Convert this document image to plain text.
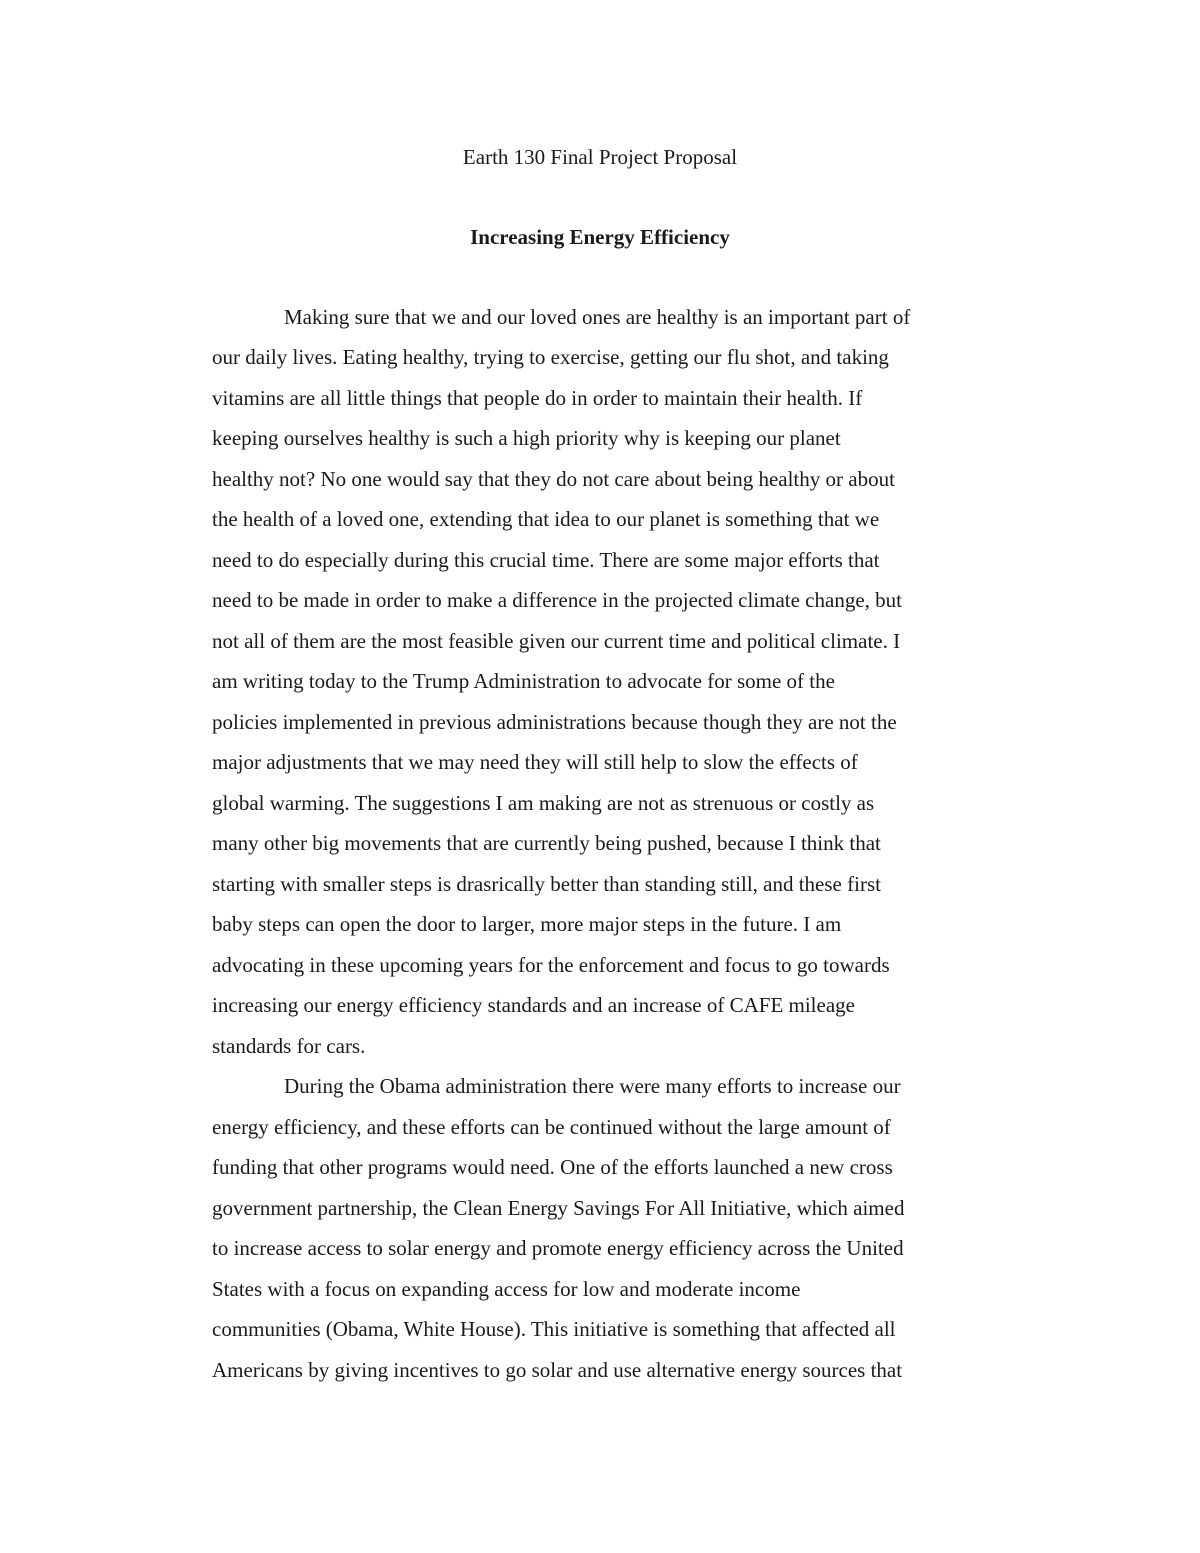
Earth 130 Final Project Proposal

Increasing Energy Efficiency

Making sure that we and our loved ones are healthy is an important part of

our daily lives. Eating healthy, trying to exercise, getting our flu shot, and taking

vitamins are all little things that people do in order to maintain their health. If

keeping ourselves healthy is such a high priority why is keeping our planet

healthy not? No one would say that they do not care about being healthy or about

the health of a loved one, extending that idea to our planet is something that we

need to do especially during this crucial time. There are some major efforts that

need to be made in order to make a difference in the projected climate change, but

not all of them are the most feasible given our current time and political climate. I

am writing today to the Trump Administration to advocate for some of the

policies implemented in previous administrations because though they are not the

major adjustments that we may need they will still help to slow the effects of

global warming. The suggestions I am making are not as strenuous or costly as

many other big movements that are currently being pushed, because I think that

starting with smaller steps is drasrically better than standing still, and these first

baby steps can open the door to larger, more major steps in the future. I am

advocating in these upcoming years for the enforcement and focus to go towards

increasing our energy efficiency standards and an increase of CAFE mileage

standards for cars.

During the Obama administration there were many efforts to increase our

energy efficiency, and these efforts can be continued without the large amount of

funding that other programs would need. One of the efforts launched a new cross

government partnership, the Clean Energy Savings For All Initiative, which aimed

to increase access to solar energy and promote energy efficiency across the United

States with a focus on expanding access for low and moderate income

communities (Obama, White House). This initiative is something that affected all

Americans by giving incentives to go solar and use alternative energy sources that
